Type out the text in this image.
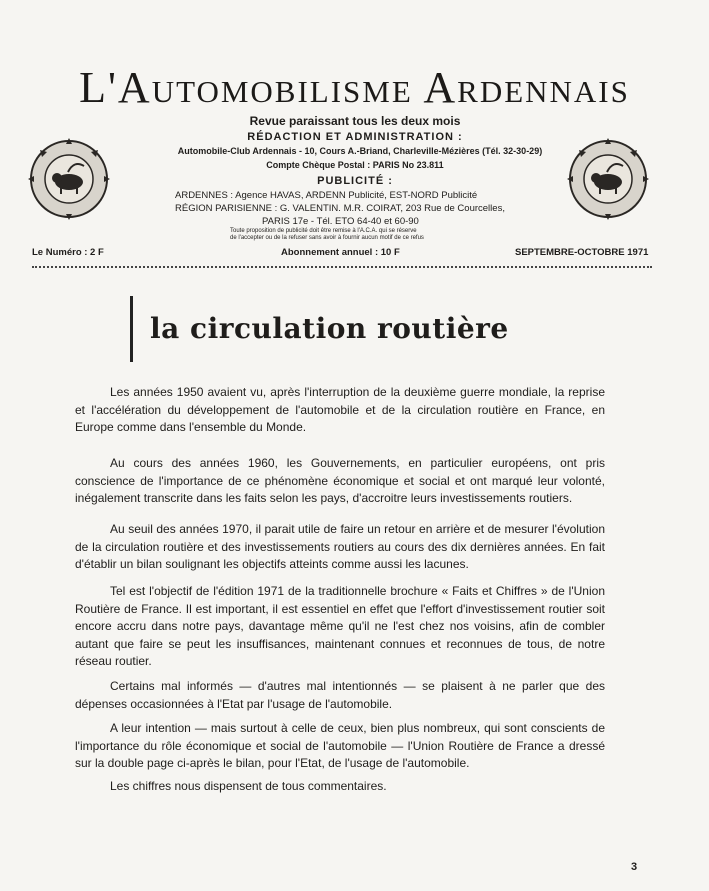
L'Automobilisme Ardennais
Revue paraissant tous les deux mois
RÉDACTION ET ADMINISTRATION :
Automobile-Club Ardennais - 10, Cours A.-Briand, Charleville-Mézières (Tél. 32-30-29)
Compte Chèque Postal : PARIS No 23.811
PUBLICITÉ :
ARDENNES : Agence HAVAS, ARDENN Publicité, EST-NORD Publicité
RÉGION PARISIENNE : G. VALENTIN. M.R. COIRAT, 203 Rue de Courcelles,
PARIS 17e - Tél. ETO 64-40 et 60-90
Toute proposition de publicité doit être remise à l'A.C.A. qui se réserve
de l'accepter ou de la refuser sans avoir à fournir aucun motif de ce refus
Le Numéro : 2 F	Abonnement annuel : 10 F	SEPTEMBRE-OCTOBRE 1971
la circulation routière
Les années 1950 avaient vu, après l'interruption de la deuxième guerre mondiale, la reprise et l'accélération du développement de l'automobile et de la circulation routière en France, en Europe comme dans l'ensemble du Monde.
Au cours des années 1960, les Gouvernements, en particulier européens, ont pris conscience de l'importance de ce phénomène économique et social et ont marqué leur volonté, inégalement transcrite dans les faits selon les pays, d'accroitre leurs investissements routiers.
Au seuil des années 1970, il parait utile de faire un retour en arrière et de mesurer l'évolution de la circulation routière et des investissements routiers au cours des dix dernières années. En fait d'établir un bilan soulignant les objectifs atteints comme aussi les lacunes.
Tel est l'objectif de l'édition 1971 de la traditionnelle brochure « Faits et Chiffres » de l'Union Routière de France. Il est important, il est essentiel en effet que l'effort d'investissement routier soit encore accru dans notre pays, davantage même qu'il ne l'est chez nos voisins, afin de combler autant que faire se peut les insuffisances, maintenant connues et reconnues de tous, de notre réseau routier.
Certains mal informés — d'autres mal intentionnés — se plaisent à ne parler que des dépenses occasionnées à l'Etat par l'usage de l'automobile.
A leur intention — mais surtout à celle de ceux, bien plus nombreux, qui sont conscients de l'importance du rôle économique et social de l'automobile — l'Union Routière de France a dressé sur la double page ci-après le bilan, pour l'Etat, de l'usage de l'automobile.
Les chiffres nous dispensent de tous commentaires.
3
